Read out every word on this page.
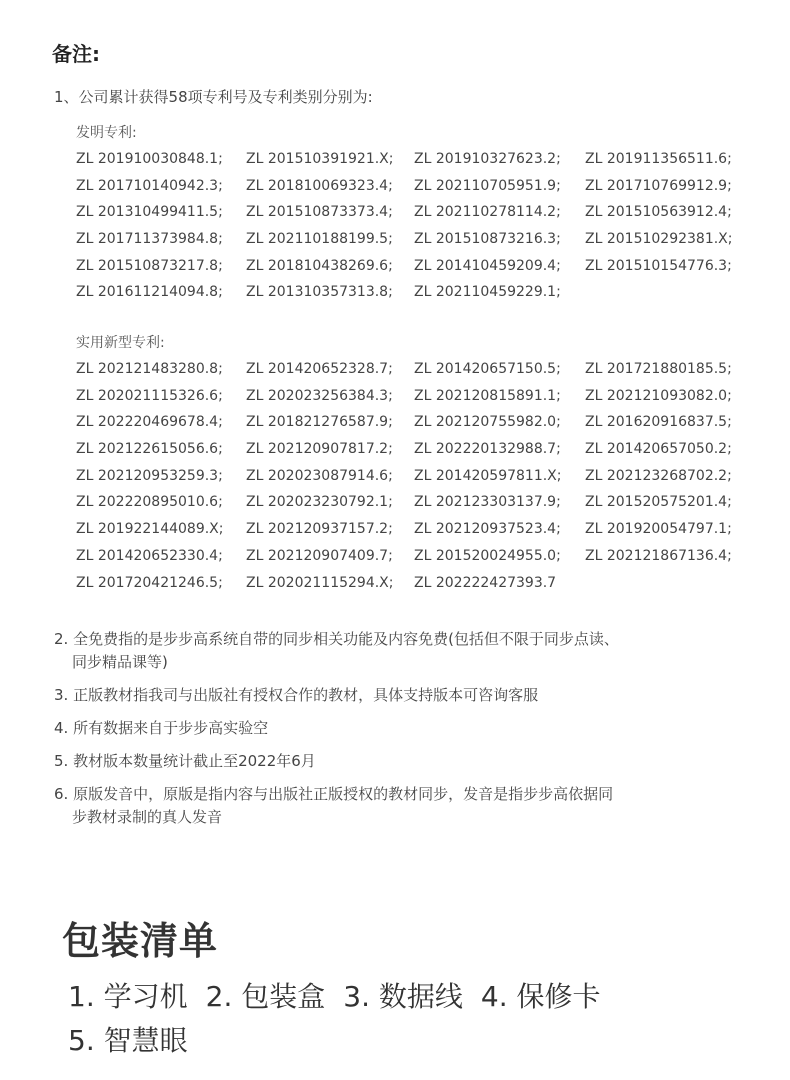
备注:

1、公司累计获得58项专利号及专利类别分别为:

发明专利:
ZL 201910030848.1;	ZL 201510391921.X;	ZL 201910327623.2;	ZL 201911356511.6;
ZL 201710140942.3;	ZL 201810069323.4;	ZL 202110705951.9;	ZL 201710769912.9;
ZL 201310499411.5;	ZL 201510873373.4;	ZL 202110278114.2;	ZL 201510563912.4;
ZL 201711373984.8;	ZL 202110188199.5;	ZL 201510873216.3;	ZL 201510292381.X;
ZL 201510873217.8;	ZL 201810438269.6;	ZL 201410459209.4;	ZL 201510154776.3;
ZL 201611214094.8;	ZL 201310357313.8;	ZL 202110459229.1;
实用新型专利:
ZL 202121483280.8;	ZL 201420652328.7;	ZL 201420657150.5;	ZL 201721880185.5;
ZL 202021115326.6;	ZL 202023256384.3;	ZL 202120815891.1;	ZL 202121093082.0;
ZL 202220469678.4;	ZL 201821276587.9;	ZL 202120755982.0;	ZL 201620916837.5;
ZL 202122615056.6;	ZL 202120907817.2;	ZL 202220132988.7;	ZL 201420657050.2;
ZL 202120953259.3;	ZL 202023087914.6;	ZL 201420597811.X;	ZL 202123268702.2;
ZL 202220895010.6;	ZL 202023230792.1;	ZL 202123303137.9;	ZL 201520575201.4;
ZL 201922144089.X;	ZL 202120937157.2;	ZL 202120937523.4;	ZL 201920054797.1;
ZL 201420652330.4;	ZL 202120907409.7;	ZL 201520024955.0;	ZL 202121867136.4;
ZL 201720421246.5;	ZL 202021115294.X;	ZL 202222427393.7
2. 全免费指的是步步高系统自带的同步相关功能及内容免费(包括但不限于同步点读、
同步精品课等)
3. 正版教材指我司与出版社有授权合作的教材，具体支持版本可咨询客服
4. 所有数据来自于步步高实验空
5. 教材版本数量统计截止至2022年6月
6. 原版发音中，原版是指内容与出版社正版授权的教材同步，发音是指步步高依据同
步教材录制的真人发音
包装清单
1. 学习机 2. 包装盒 3. 数据线 4. 保修卡
5. 智慧眼
